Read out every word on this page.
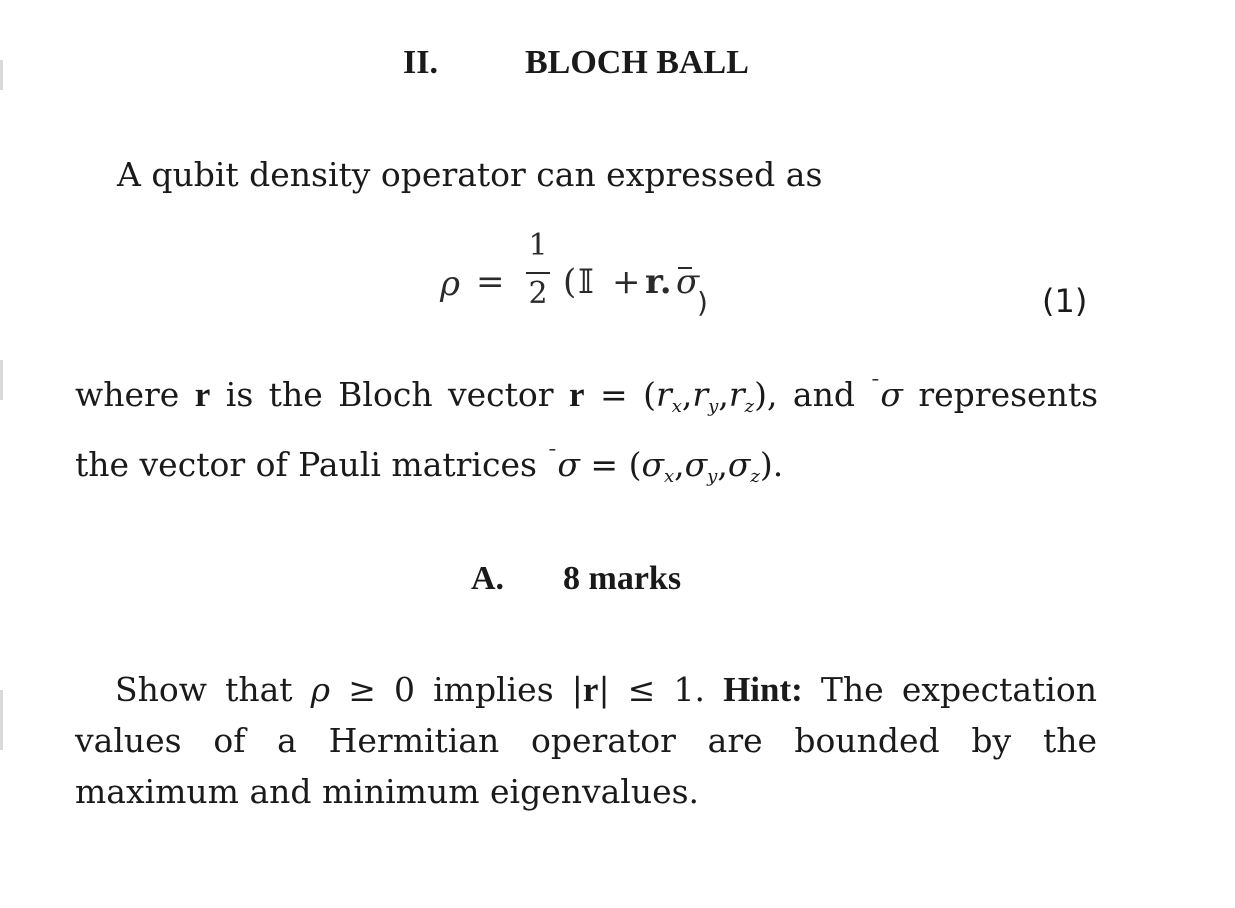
II.	BLOCH BALL
A qubit density operator can expressed as
ρ =
1
2 ( 𝕀 + r. σ
)	(1)
where r is the Bloch vector $r = (r_x,r_y,r_z)$, and ¯σ represents
the vector of Pauli matrices $^¯\sigma = (\sigma_x,\sigma_y,\sigma_z)$.
A. 8 marks
Show that ρ ≥ 0 implies |r| ≤ 1. Hint: The expectation
values of a Hermitian operator are bounded by the
maximum and minimum eigenvalues.
